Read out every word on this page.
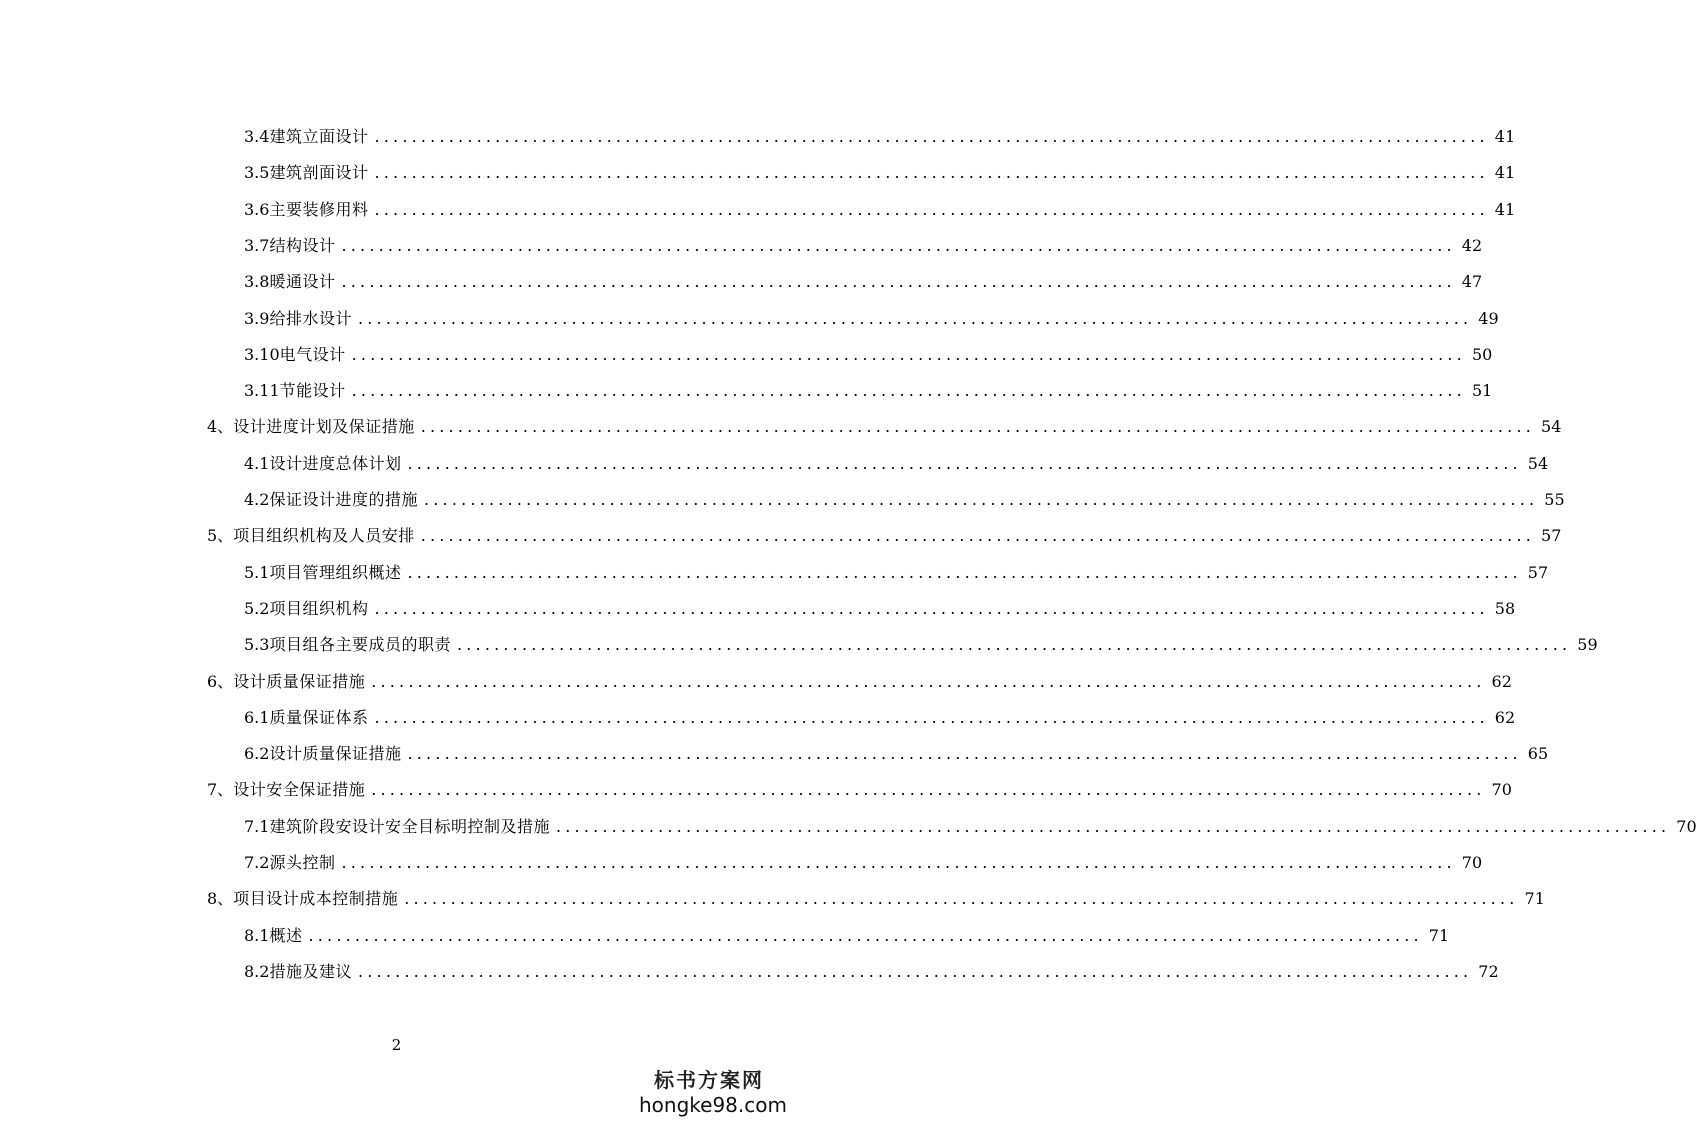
3.4 建筑立面设计 ........................................................................................................................ 41
3.5 建筑剖面设计 ........................................................................................................................ 41
3.6 主要装修用料 ........................................................................................................................ 41
3.7 结构设计 ........................................................................................................................ 42
3.8 暖通设计 ........................................................................................................................ 47
3.9 给排水设计 ........................................................................................................................ 49
3.10 电气设计 ........................................................................................................................ 50
3.11 节能设计 ........................................................................................................................ 51
4、 设计进度计划及保证措施 ........................................................................................................................ 54
4.1 设计进度总体计划 ........................................................................................................................ 54
4.2 保证设计进度的措施 ........................................................................................................................ 55
5、 项目组织机构及人员安排 ........................................................................................................................ 57
5.1 项目管理组织概述 ........................................................................................................................ 57
5.2 项目组织机构 ........................................................................................................................ 58
5.3 项目组各主要成员的职责 ........................................................................................................................ 59
6、 设计质量保证措施 ........................................................................................................................ 62
6.1 质量保证体系 ........................................................................................................................ 62
6.2 设计质量保证措施 ........................................................................................................................ 65
7、 设计安全保证措施 ........................................................................................................................ 70
7.1 建筑阶段安设计安全目标明控制及措施 ........................................................................................................................ 70
7.2 源头控制 ........................................................................................................................ 70
8、 项目设计成本控制措施 ........................................................................................................................ 71
8.1 概述 ........................................................................................................................ 71
8.2 措施及建议 ........................................................................................................................ 72
2
标书方案网
hongke98.com
